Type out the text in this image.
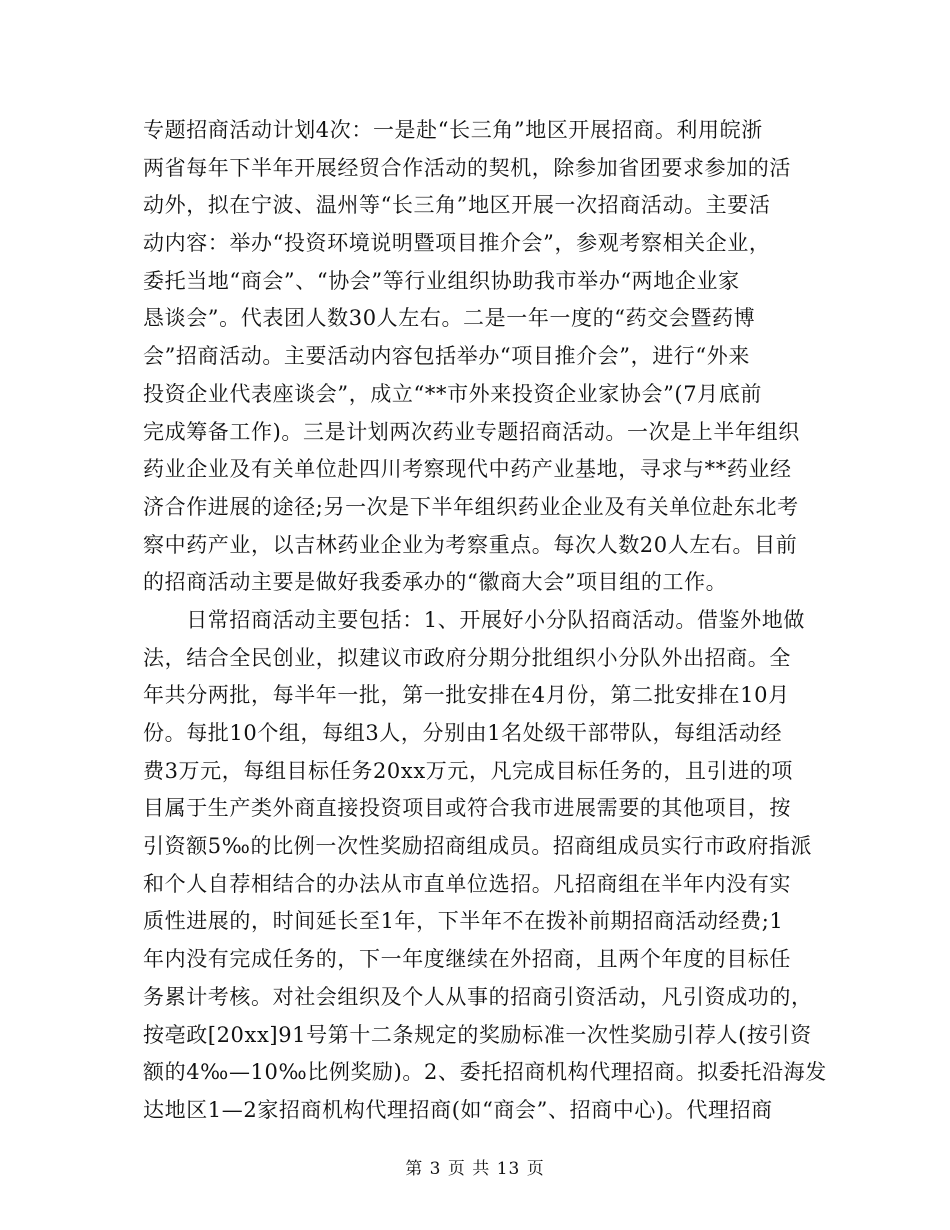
专题招商活动计划4次：一是赴“长三角”地区开展招商。利用皖浙
两省每年下半年开展经贸合作活动的契机，除参加省团要求参加的活
动外，拟在宁波、温州等“长三角”地区开展一次招商活动。主要活
动内容：举办“投资环境说明暨项目推介会”，参观考察相关企业，
委托当地“商会”、“协会”等行业组织协助我市举办“两地企业家
恳谈会”。代表团人数30人左右。二是一年一度的“药交会暨药博
会”招商活动。主要活动内容包括举办“项目推介会”，进行“外来
投资企业代表座谈会”，成立“**市外来投资企业家协会”(7月底前
完成筹备工作)。三是计划两次药业专题招商活动。一次是上半年组织
药业企业及有关单位赴四川考察现代中药产业基地，寻求与**药业经
济合作进展的途径;另一次是下半年组织药业企业及有关单位赴东北考
察中药产业，以吉林药业企业为考察重点。每次人数20人左右。目前
的招商活动主要是做好我委承办的“徽商大会”项目组的工作。
　　日常招商活动主要包括：1、开展好小分队招商活动。借鉴外地做
法，结合全民创业，拟建议市政府分期分批组织小分队外出招商。全
年共分两批，每半年一批，第一批安排在4月份，第二批安排在10月
份。每批10个组，每组3人，分别由1名处级干部带队，每组活动经
费3万元，每组目标任务20xx万元，凡完成目标任务的，且引进的项
目属于生产类外商直接投资项目或符合我市进展需要的其他项目，按
引资额5‰的比例一次性奖励招商组成员。招商组成员实行市政府指派
和个人自荐相结合的办法从市直单位选招。凡招商组在半年内没有实
质性进展的，时间延长至1年，下半年不在拨补前期招商活动经费;1
年内没有完成任务的，下一年度继续在外招商，且两个年度的目标任
务累计考核。对社会组织及个人从事的招商引资活动，凡引资成功的，
按亳政[20xx]91号第十二条规定的奖励标准一次性奖励引荐人(按引资
额的4‰—10‰比例奖励)。2、委托招商机构代理招商。拟委托沿海发
达地区1—2家招商机构代理招商(如“商会”、招商中心)。代理招商
第 3 页 共 13 页
